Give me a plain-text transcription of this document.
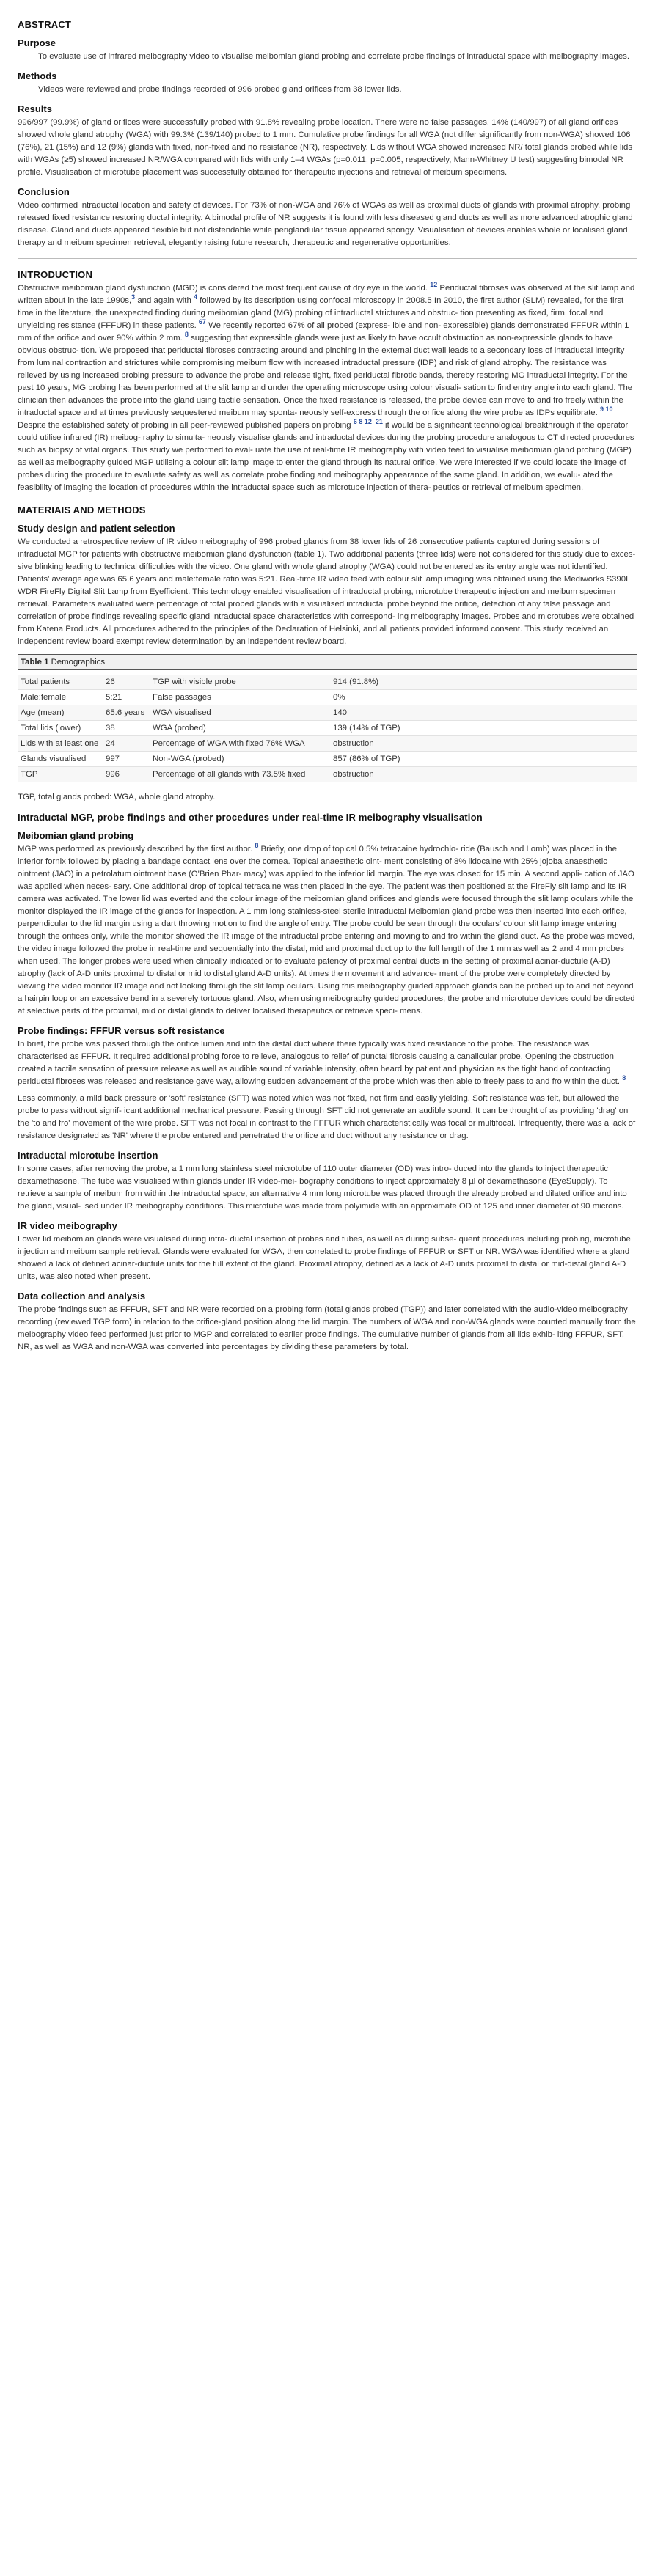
ABSTRACT
Purpose

To evaluate use of infrared meibography video to visualise meibomian gland probing and correlate probe findings of intraductal space with meibography images.

Methods

Videos were reviewed and probe findings recorded of 996 probed gland orifices from 38 lower lids.

Results

996/997 (99.9%) of gland orifices were successfully probed with 91.8% revealing probe location. There were no false passages. 14% (140/997) of all gland orifices showed whole gland atrophy (WGA) with 99.3% (139/140) probed to 1 mm. Cumulative probe findings for all WGA (not differ significantly from non-WGA) showed 106 (76%), 21 (15%) and 12 (9%) glands with fixed, non-fixed and no resistance (NR), respectively. Lids without WGA showed increased NR/ total glands probed while lids with WGAs (≥5) showed increased NR/WGA compared with lids with only 1–4 WGAs (p=0.011, p=0.005, respectively, Mann-Whitney U test) suggesting bimodal NR profile. Visualisation of microtube placement was successfully obtained for therapeutic injections and retrieval of meibum specimens.

Conclusion

Video confirmed intraductal location and safety of devices. For 73% of non-WGA and 76% of WGAs as well as proximal ducts of glands with proximal atrophy, probing released fixed resistance restoring ductal integrity. A bimodal profile of NR suggests it is found with less diseased gland ducts as well as more advanced atrophic gland disease. Gland and ducts appeared flexible but not distendable while periglandular tissue appeared spongy. Visualisation of devices enables whole or localised gland therapy and meibum specimen retrieval, elegantly raising future research, therapeutic and regenerative opportunities.

INTRODUCTION

Obstructive meibomian gland dysfunction (MGD) is considered the most frequent cause of dry eye in the world. $^{12}$ Periductal fibroses was observed at the slit lamp and written about in the late 1990s,$^3$ and again with $^4$ followed by its description using confocal microscopy in 2008.5 In 2010, the first author (SLM) revealed, for the first time in the literature, the unexpected finding during meibomian gland (MG) probing of intraductal strictures and obstruc- tion presenting as fixed, firm, focal and unyielding resistance (FFFUR) in these patients. $^{67}$ We recently reported 67% of all probed (express- ible and non- expressible) glands demonstrated FFFUR within 1 mm of the orifice and over 90% within 2 mm. $^8$ suggesting that expressible glands were just as likely to have occult obstruction as non-expressible glands to have obvious obstruc- tion. We proposed that periductal fibroses contracting around and pinching in the external duct wall leads to a secondary loss of intraductal integrity from luminal contraction and strictures while compromising meibum flow with increased intraductal pressure (IDP) and risk of gland atrophy. The resistance was relieved by using increased probing pressure to advance the probe and release tight, fixed periductal fibrotic bands, thereby restoring MG intraductal integrity. For the past 10 years, MG probing has been performed at the slit lamp and under the operating microscope using colour visuali- sation to find entry angle into each gland. The clinician then advances the probe into the gland using tactile sensation. Once the fixed resistance is released, the probe device can move to and fro freely within the intraductal space and at times previously sequestered meibum may sponta- neously self-express through the orifice along the wire probe as IDPs equilibrate. $^{9 10}$ Despite the established safety of probing in all peer-reviewed published papers on probing $^{6 8 12-21}$ it would be a significant technological breakthrough if the operator could utilise infrared (IR) meibog- raphy to simulta- neously visualise glands and intraductal devices during the probing procedure analogous to CT directed procedures such as biopsy of vital organs. This study we performed to eval- uate the use of real-time IR meibography with video feed to visualise meibomian gland probing (MGP) as well as meibography guided MGP utilising a colour slit lamp image to enter the gland through its natural orifice. We were interested if we could locate the image of probes during the procedure to evaluate safety as well as correlate probe finding and meibography appearance of the same gland. In addition, we evalu- ated the feasibility of imaging the location of procedures within the intraductal space such as microtube injection of thera- peutics or retrieval of meibum specimen.

MATERIAIS AND METHODS
Study design and patient selection

We conducted a retrospective review of IR video meibography of 996 probed glands from 38 lower lids of 26 consecutive patients captured during sessions of intraductal MGP for patients with obstructive meibomian gland dysfunction (table 1). Two additional patients (three lids) were not considered for this study due to exces- sive blinking leading to technical difficulties with the video. One gland with whole gland atrophy (WGA) could not be entered as its entry angle was not identified. Patients' average age was 65.6 years and male:female ratio was 5:21. Real-time IR video feed with colour slit lamp imaging was obtained using the Mediworks S390L WDR FireFly Digital Slit Lamp from Eyefficient. This technology enabled visualisation of intraductal probing, microtube therapeutic injection and meibum specimen retrieval. Parameters evaluated were percentage of total probed glands with a visualised intraductal probe beyond the orifice, detection of any false passage and correlation of probe findings revealing specific gland intraductal space characteristics with correspond- ing meibography images. Probes and microtubes were obtained from Katena Products. All procedures adhered to the principles of the Declaration of Helsinki, and all patients provided informed consent. This study received an independent review board exempt review determination by an independent review board.

Table 1 Demographics
Total patients	26	TGP with visible probe	914 (91.8%)
Male:female	5:21	False passages	0%
Age (mean)	65.6 years	WGA visualised	140
Total lids (lower)	38	WGA (probed)	139 (14% of TGP)
Lids with at least one	24	Percentage of WGA with fixed 76% WGA	obstruction
Glands visualised	997	Non-WGA (probed)	857 (86% of TGP)
TGP	996	Percentage of all glands with 73.5% fixed	obstruction
TGP, total glands probed: WGA, whole gland atrophy.
Intraductal MGP, probe findings and other procedures under real-time IR meibography visualisation
Meibomian gland probing

MGP was performed as previously described by the first author. $^8$ Briefly, one drop of topical 0.5% tetracaine hydrochlo- ride (Bausch and Lomb) was placed in the inferior fornix followed by placing a bandage contact lens over the cornea. Topical anaesthetic oint- ment consisting of 8% lidocaine with 25% jojoba anaesthetic ointment (JAO) in a petrolatum ointment base (O'Brien Phar- macy) was applied to the inferior lid margin. The eye was closed for 15 min. A second appli- cation of JAO was applied when neces- sary. One additional drop of topical tetracaine was then placed in the eye. The patient was then positioned at the FireFly slit lamp and its IR camera was activated. The lower lid was everted and the colour image of the meibomian gland orifices and glands were focused through the slit lamp oculars while the monitor displayed the IR image of the glands for inspection. A 1 mm long stainless-steel sterile intraductal Meibomian gland probe was then inserted into each orifice, perpendicular to the lid margin using a dart throwing motion to find the angle of entry. The probe could be seen through the oculars' colour slit lamp image entering through the orifices only, while the monitor showed the IR image of the intraductal probe entering and moving to and fro within the gland duct. As the probe was moved, the video image followed the probe in real-time and sequentially into the distal, mid and proximal duct up to the full length of the 1 mm as well as 2 and 4 mm probes when used. The longer probes were used when clinically indicated or to evaluate patency of proximal central ducts in the setting of proximal acinar-ductule (A-D) atrophy (lack of A-D units proximal to distal or mid to distal gland A-D units). At times the movement and advance- ment of the probe were completely directed by viewing the video monitor IR image and not looking through the slit lamp oculars. Using this meibography guided approach glands can be probed up to and not beyond a hairpin loop or an excessive bend in a severely tortuous gland. Also, when using meibography guided procedures, the probe and microtube devices could be directed at selective parts of the proximal, mid or distal glands to deliver localised therapeutics or retrieve speci- mens.

Probe findings: FFFUR versus soft resistance

In brief, the probe was passed through the orifice lumen and into the distal duct where there typically was fixed resistance to the probe. The resistance was characterised as FFFUR. It required additional probing force to relieve, analogous to relief of punctal fibrosis causing a canalicular probe. Opening the obstruction created a tactile sensation of pressure release as well as audible sound of variable intensity, often heard by patient and physician as the tight band of contracting periductal fibroses was released and resistance gave way, allowing sudden advancement of the probe which was then able to freely pass to and fro within the duct. $^8$

Less commonly, a mild back pressure or 'soft' resistance (SFT) was noted which was not fixed, not firm and easily yielding. Soft resistance was felt, but allowed the probe to pass without signif- icant additional mechanical pressure. Passing through SFT did not generate an audible sound. It can be thought of as providing 'drag' on the 'to and fro' movement of the wire probe. SFT was not focal in contrast to the FFFUR which characteristically was focal or multifocal. Infrequently, there was a lack of resistance designated as 'NR' where the probe entered and penetrated the orifice and duct without any resistance or drag.

Intraductal microtube insertion

In some cases, after removing the probe, a 1 mm long stainless steel microtube of 110 outer diameter (OD) was intro- duced into the glands to inject therapeutic dexamethasone. The tube was visualised within glands under IR video-mei- bography conditions to inject approximately 8 µl of dexamethasone (EyeSupply). To retrieve a sample of meibum from within the intraductal space, an alternative 4 mm long microtube was placed through the already probed and dilated orifice and into the gland, visual- ised under IR meibography conditions. This microtube was made from polyimide with an approximate OD of 125 and inner diameter of 90 microns.

IR video meibography

Lower lid meibomian glands were visualised during intra- ductal insertion of probes and tubes, as well as during subse- quent procedures including probing, microtube injection and meibum sample retrieval. Glands were evaluated for WGA, then correlated to probe findings of FFFUR or SFT or NR. WGA was identified where a gland showed a lack of defined acinar-ductule units for the full extent of the gland. Proximal atrophy, defined as a lack of A-D units proximal to distal or mid-distal gland A-D units, was also noted when present.

Data collection and analysis

The probe findings such as FFFUR, SFT and NR were recorded on a probing form (total glands probed (TGP)) and later correlated with the audio-video meibography recording (reviewed TGP form) in relation to the orifice-gland position along the lid margin. The numbers of WGA and non-WGA glands were counted manually from the meibography video feed performed just prior to MGP and correlated to earlier probe findings. The cumulative number of glands from all lids exhib- iting FFFUR, SFT, NR, as well as WGA and non-WGA was converted into percentages by dividing these parameters by total.
